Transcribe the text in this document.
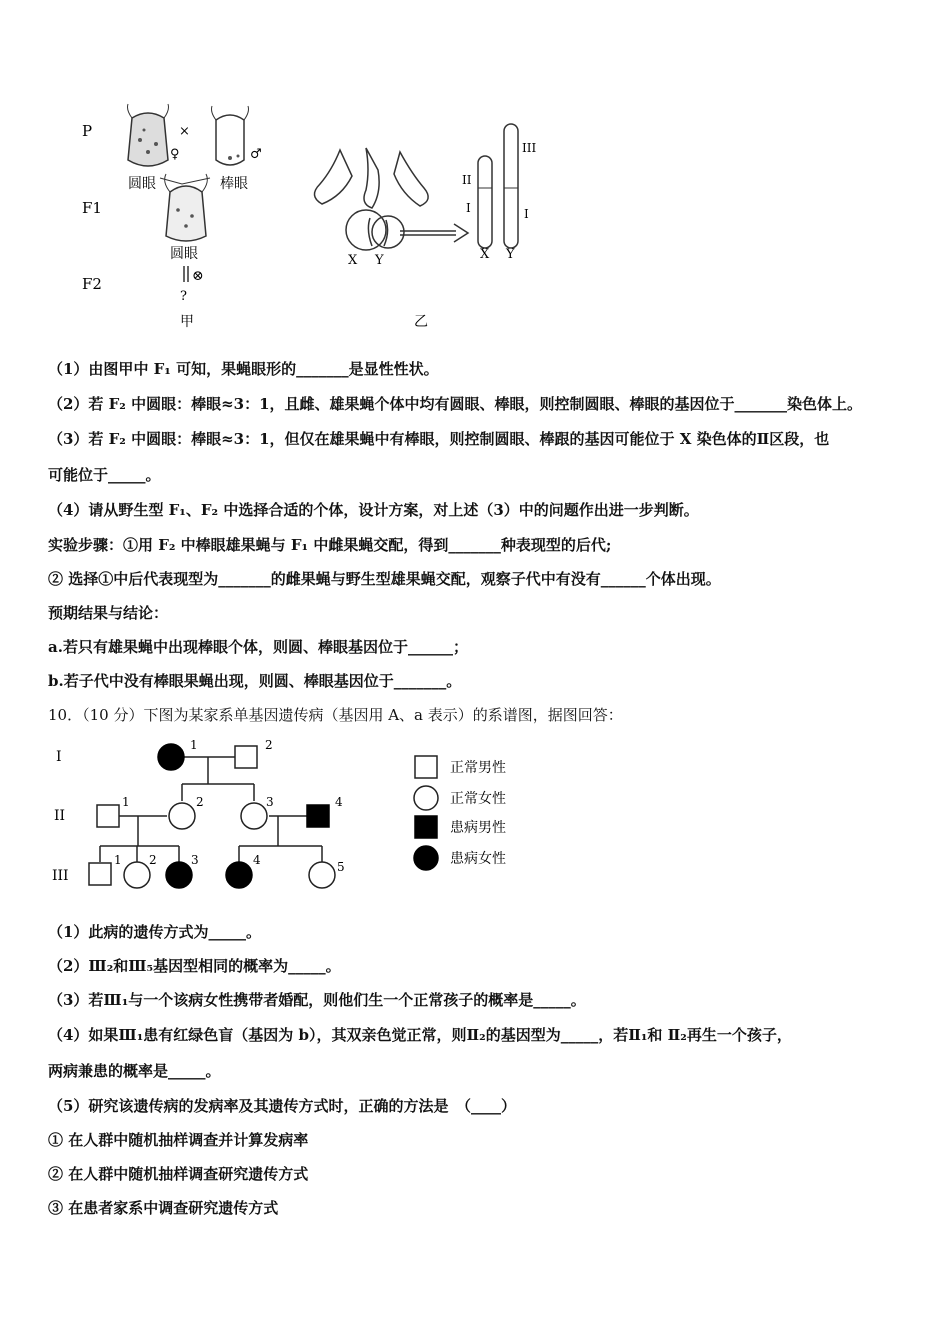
P
F1
F2
×
♀
圆眼
♂
棒眼
圆眼
⊗
?
甲
X Y
II
I
III
I
X Y
乙
（1）由图甲中 F₁ 可知，果蝇眼形的_______是显性性状。
（2）若 F₂ 中圆眼：棒眼≈3：1，且雌、雄果蝇个体中均有圆眼、棒眼，则控制圆眼、棒眼的基因位于_______染色体上。
（3）若 F₂ 中圆眼：棒眼≈3：1，但仅在雄果蝇中有棒眼，则控制圆眼、棒跟的基因可能位于 X 染色体的Ⅱ区段，也
可能位于_____。
（4）请从野生型 F₁、F₂ 中选择合适的个体，设计方案，对上述（3）中的问题作出进一步判断。
实验步骤：①用 F₂ 中棒眼雄果蝇与 F₁ 中雌果蝇交配，得到_______种表现型的后代;
② 选择①中后代表现型为_______的雌果蝇与野生型雄果蝇交配，观察子代中有没有______个体出现。
预期结果与结论：
a.若只有雄果蝇中出现棒眼个体，则圆、棒眼基因位于______；
b.若子代中没有棒眼果蝇出现，则圆、棒眼基因位于_______。
10．（10 分）下图为某家系单基因遗传病（基因用 A、a 表示）的系谱图，据图回答：
I
II
III
1	2
1	2	3	4
1 2	3	4	5
正常男性
正常女性
患病男性
患病女性
（1）此病的遗传方式为_____。
（2）Ⅲ₂和Ⅲ₅基因型相同的概率为_____。
（3）若Ⅲ₁与一个该病女性携带者婚配，则他们生一个正常孩子的概率是_____。
（4）如果Ⅲ₁患有红绿色盲（基因为 b），其双亲色觉正常，则Ⅱ₂的基因型为_____，若Ⅱ₁和 Ⅱ₂再生一个孩子，
两病兼患的概率是_____。
（5）研究该遗传病的发病率及其遗传方式时，正确的方法是　（____）
① 在人群中随机抽样调查并计算发病率
② 在人群中随机抽样调查研究遗传方式
③ 在患者家系中调查研究遗传方式
